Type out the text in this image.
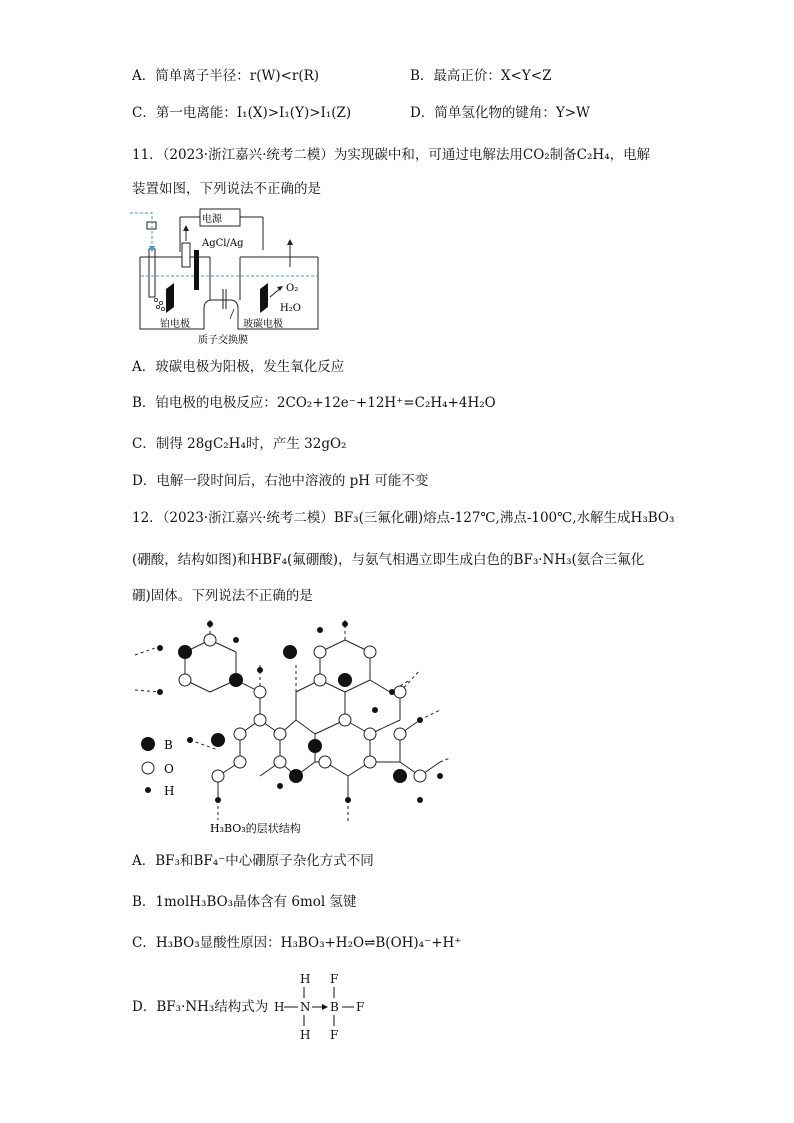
A．简单离子半径：r(W)<r(R)	B．最高正价：X<Y<Z
C．第一电离能：I₁(X)>I₁(Y)>I₁(Z)	D．简单氢化物的键角：Y>W
11．（2023·浙江嘉兴·统考二模）为实现碳中和，可通过电解法用CO₂制备C₂H₄，电解
装置如图，下列说法不正确的是
电源
AgCl/Ag
O₂
H₂O
铂电极	玻碳电极
质子交换膜
A．玻碳电极为阳极，发生氧化反应
B．铂电极的电极反应：2CO₂+12e⁻+12H⁺=C₂H₄+4H₂O
C．制得 28gC₂H₄时，产生 32gO₂
D．电解一段时间后，右池中溶液的 pH 可能不变
12．（2023·浙江嘉兴·统考二模）BF₃(三氟化硼)熔点-127℃,沸点-100℃,水解生成H₃BO₃
(硼酸，结构如图)和HBF₄(氟硼酸)，与氨气相遇立即生成白色的BF₃·NH₃(氨合三氟化
硼)固体。下列说法不正确的是
B
O
H
H₃BO₃的层状结构
A．BF₃和BF₄⁻中心硼原子杂化方式不同
B．1molH₃BO₃晶体含有 6mol 氢键
C．H₃BO₃显酸性原因：H₃BO₃+H₂O⇌B(OH)₄⁻+H⁺
D．BF₃·NH₃结构式为
H
H N
H
F
B
F
F
